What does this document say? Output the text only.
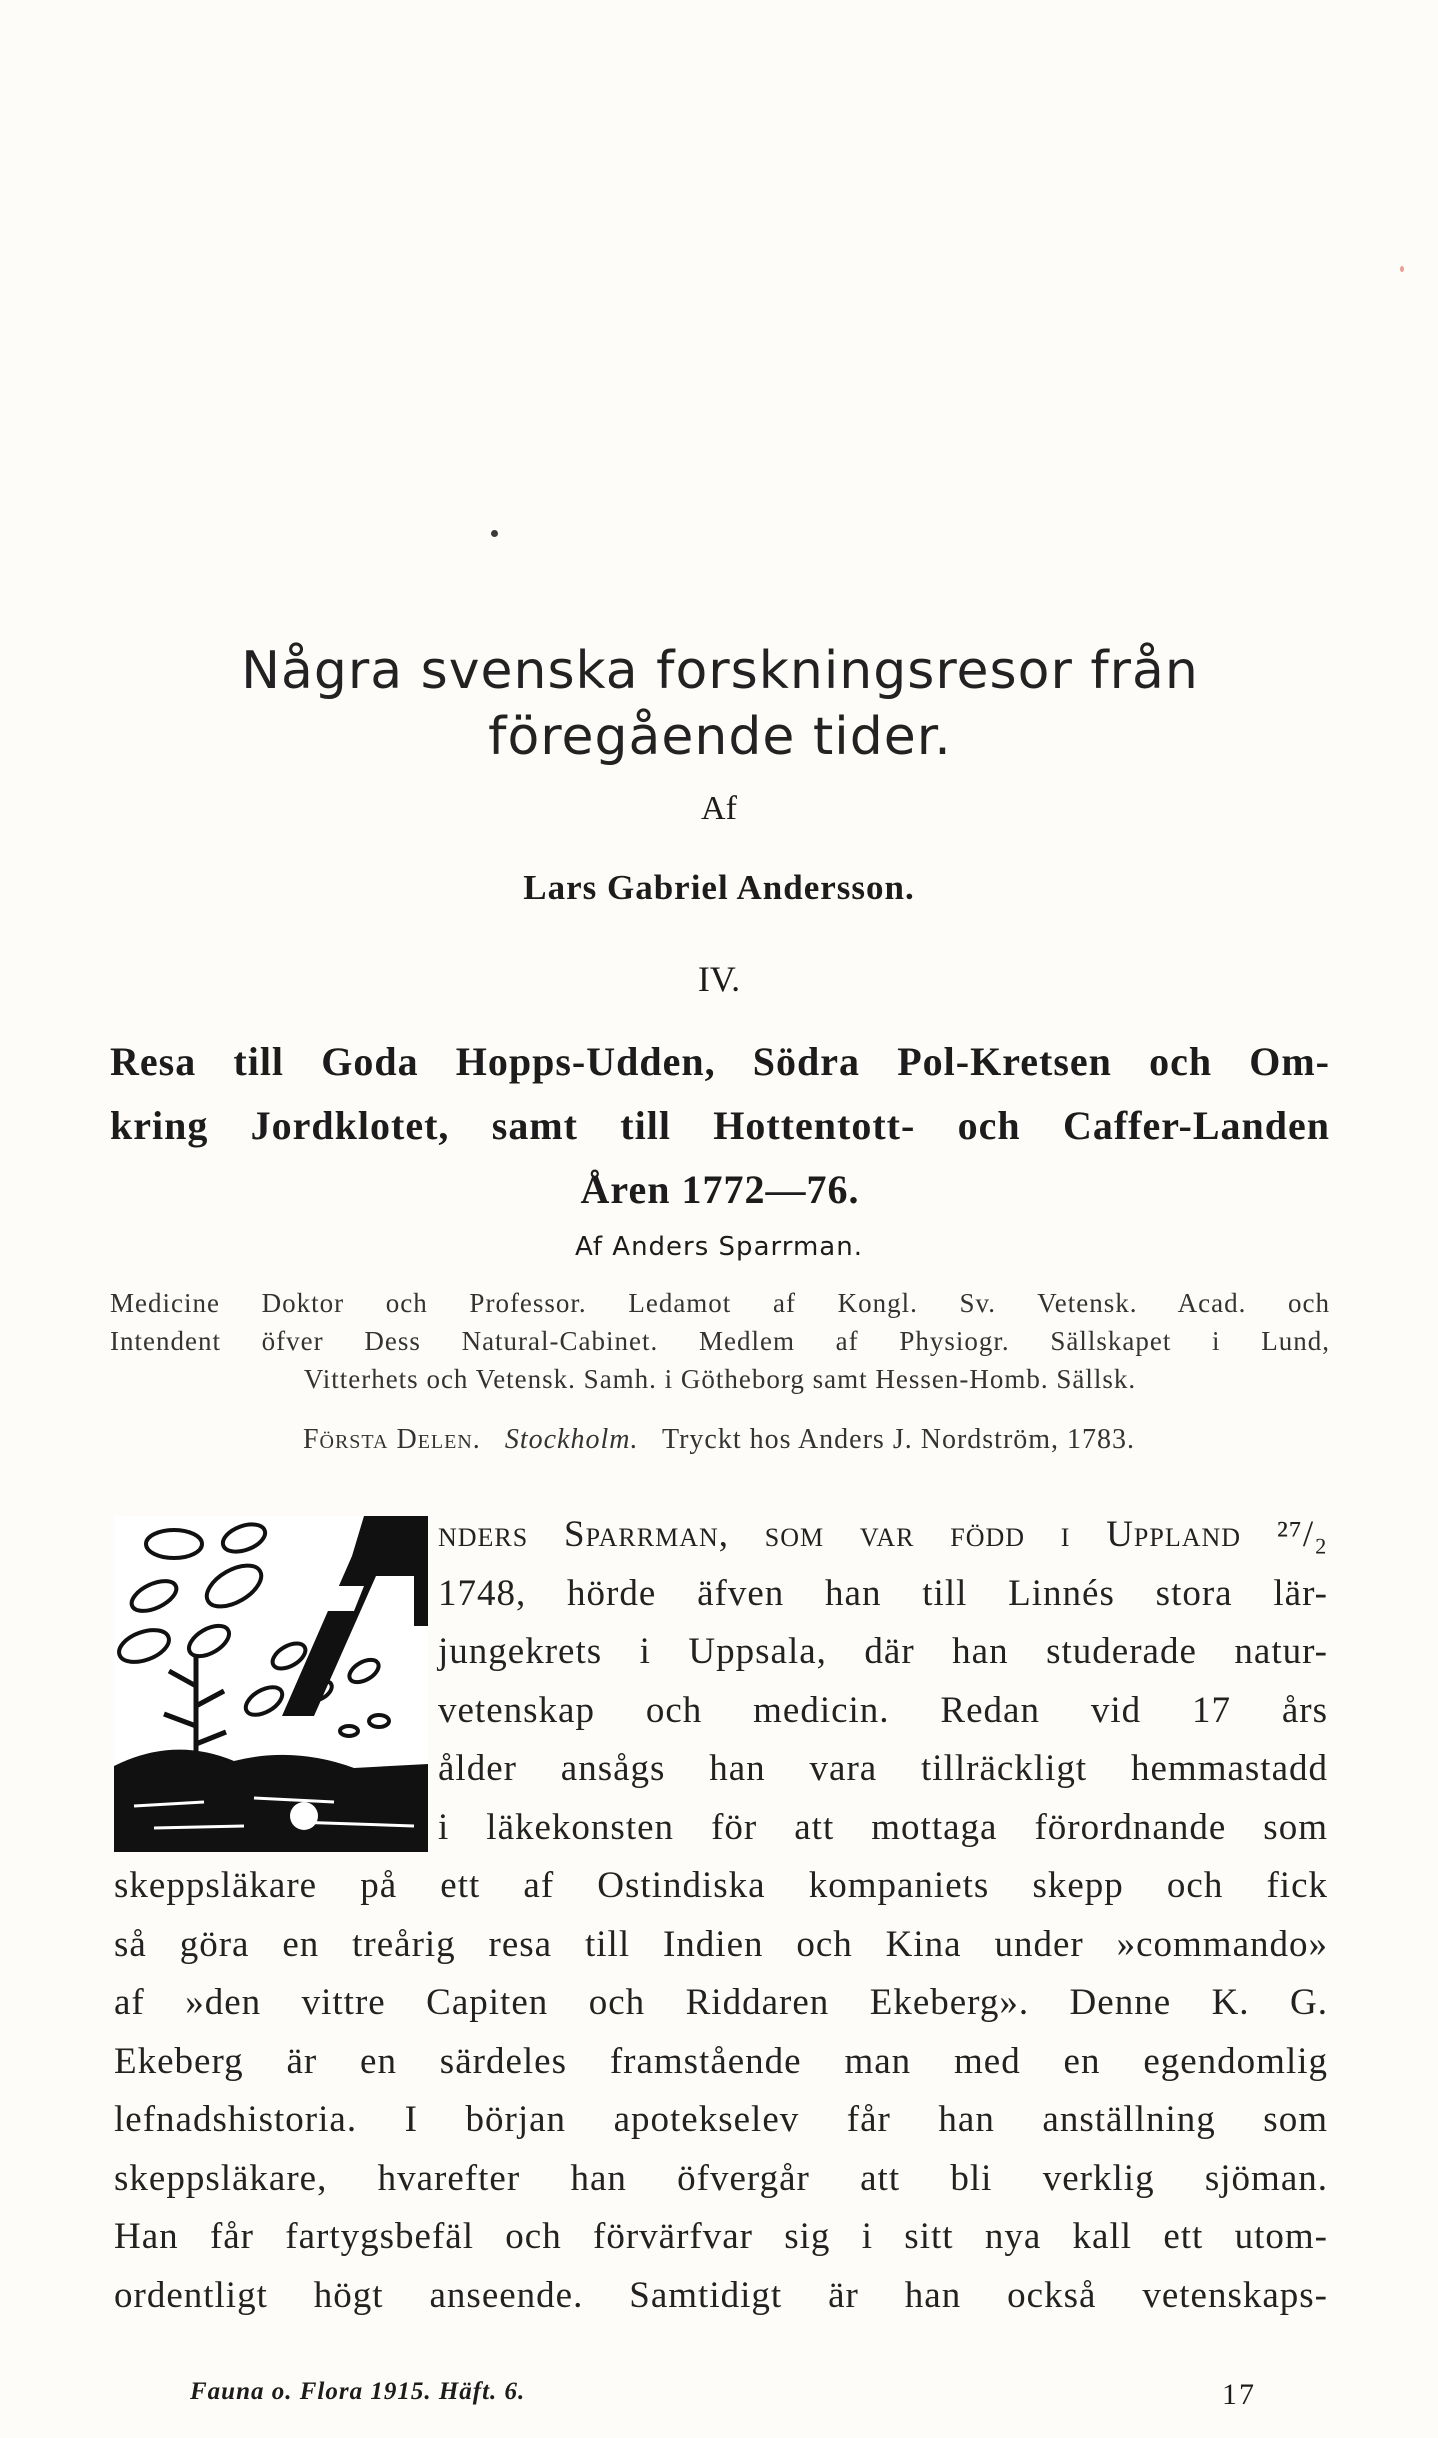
Några svenska forskningsresor från
föregående tider.
Af
Lars Gabriel Andersson.
IV.
Resa till Goda Hopps-Udden, Södra Pol-Kretsen och Om-
kring Jordklotet, samt till Hottentott- och Caffer-Landen
Åren 1772—76.
Af Anders Sparrman.
Medicine Doktor och Professor. Ledamot af Kongl. Sv. Vetensk. Acad. och
Intendent öfver Dess Natural-Cabinet. Medlem af Physiogr. Sällskapet i Lund,
Vitterhets och Vetensk. Samh. i Götheborg samt Hessen-Homb. Sällsk.
Första Delen. Stockholm. Tryckt hos Anders J. Nordström, 1783.
nders Sparrman, som var född i Uppland ²⁷/₂
1748, hörde äfven han till Linnés stora lär-
jungekrets i Uppsala, där han studerade natur-
vetenskap och medicin. Redan vid 17 års
ålder ansågs han vara tillräckligt hemmastadd
i läkekonsten för att mottaga förordnande som
skeppsläkare på ett af Ostindiska kompaniets skepp och fick
så göra en treårig resa till Indien och Kina under »commando»
af »den vittre Capiten och Riddaren Ekeberg». Denne K. G.
Ekeberg är en särdeles framstående man med en egendomlig
lefnadshistoria. I början apotekselev får han anställning som
skeppsläkare, hvarefter han öfvergår att bli verklig sjöman.
Han får fartygsbefäl och förvärfvar sig i sitt nya kall ett utom-
ordentligt högt anseende. Samtidigt är han också vetenskaps-
Fauna o. Flora 1915. Häft. 6.	17
